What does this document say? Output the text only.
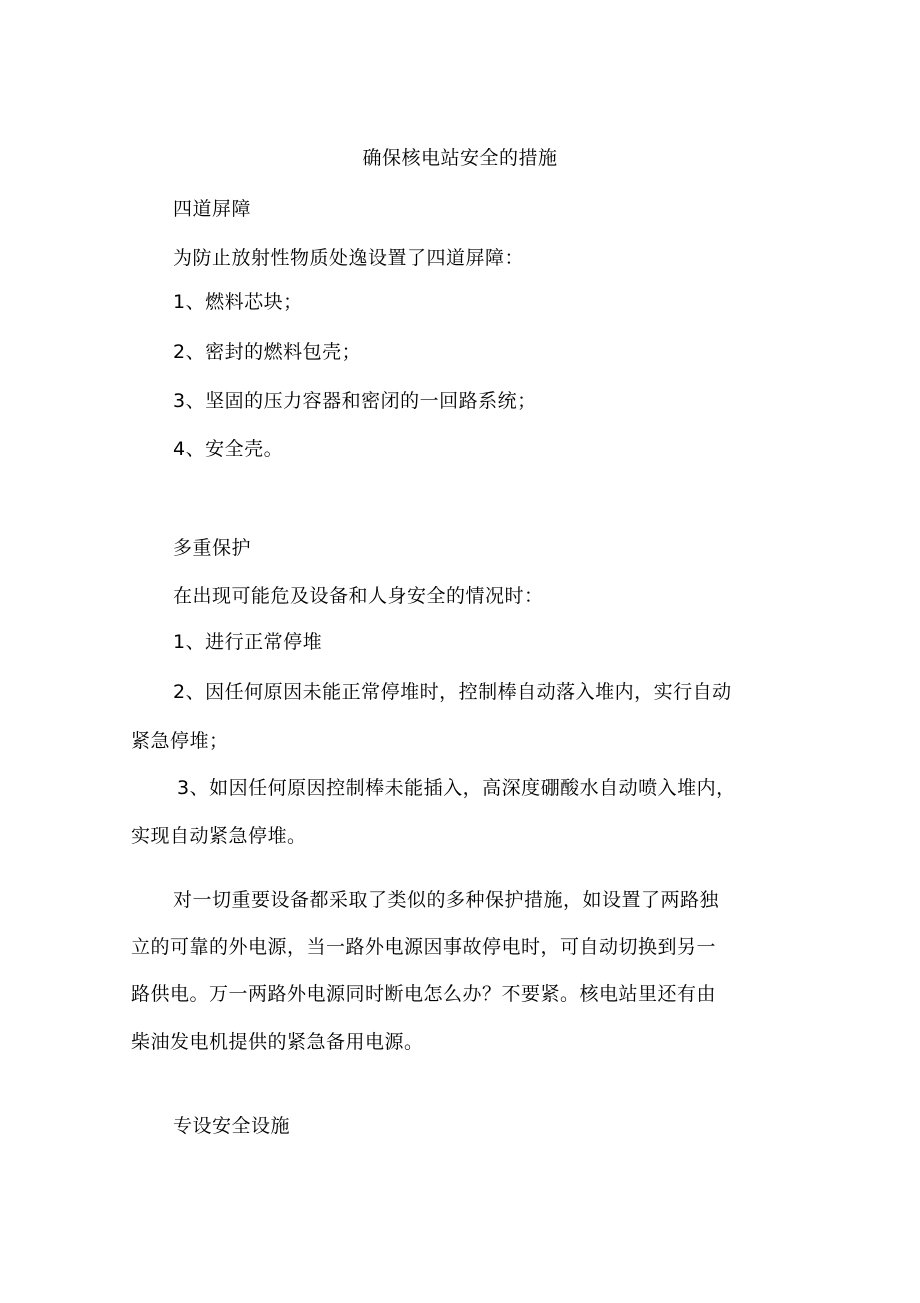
确保核电站安全的措施
四道屏障
为防止放射性物质处逸设置了四道屏障：
1、燃料芯块；
2、密封的燃料包壳；
3、坚固的压力容器和密闭的一回路系统；
4、安全壳。
多重保护
在出现可能危及设备和人身安全的情况时：
1、进行正常停堆
2、因任何原因未能正常停堆时，控制棒自动落入堆内，实行自动
紧急停堆；
3、如因任何原因控制棒未能插入，高深度硼酸水自动喷入堆内，
实现自动紧急停堆。
对一切重要设备都采取了类似的多种保护措施，如设置了两路独
立的可靠的外电源，当一路外电源因事故停电时，可自动切换到另一
路供电。万一两路外电源同时断电怎么办？不要紧。核电站里还有由
柴油发电机提供的紧急备用电源。
专设安全设施
